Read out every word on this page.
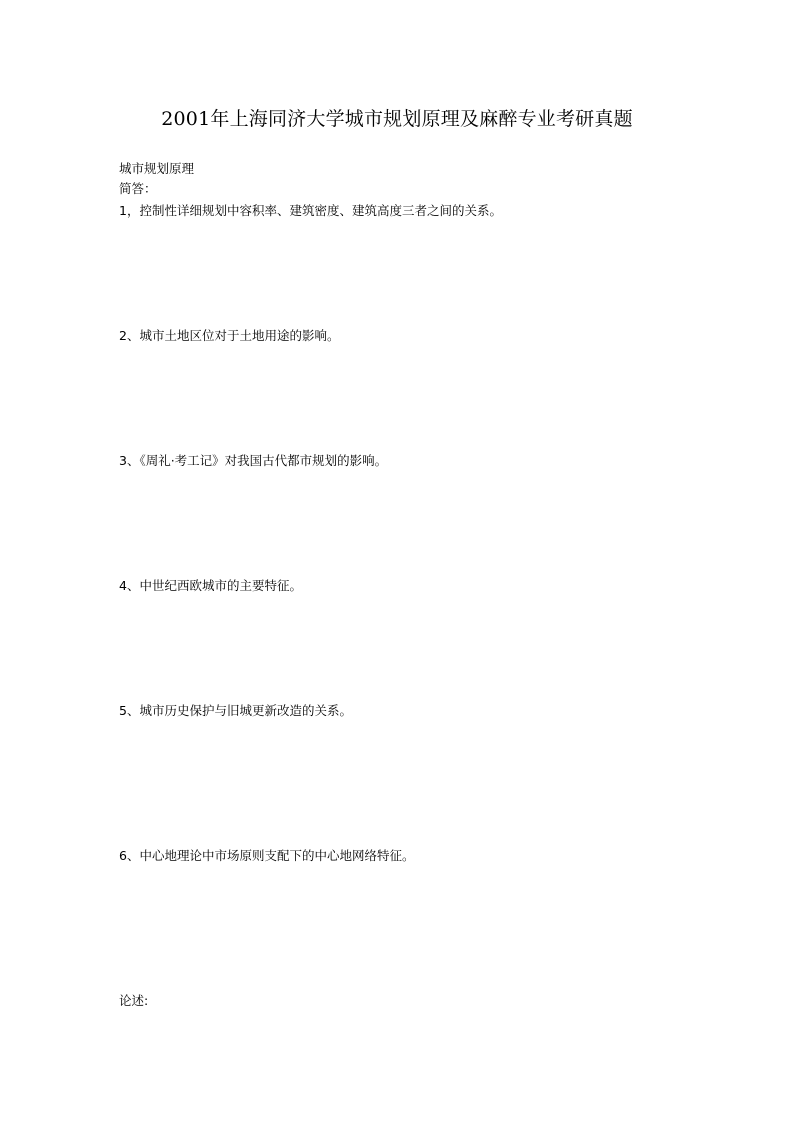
2001年上海同济大学城市规划原理及麻醉专业考研真题
城市规划原理
简答：
1，控制性详细规划中容积率、建筑密度、建筑高度三者之间的关系。
2、城市土地区位对于土地用途的影响。
3、《周礼·考工记》对我国古代都市规划的影响。
4、中世纪西欧城市的主要特征。
5、城市历史保护与旧城更新改造的关系。
6、中心地理论中市场原则支配下的中心地网络特征。
论述:
